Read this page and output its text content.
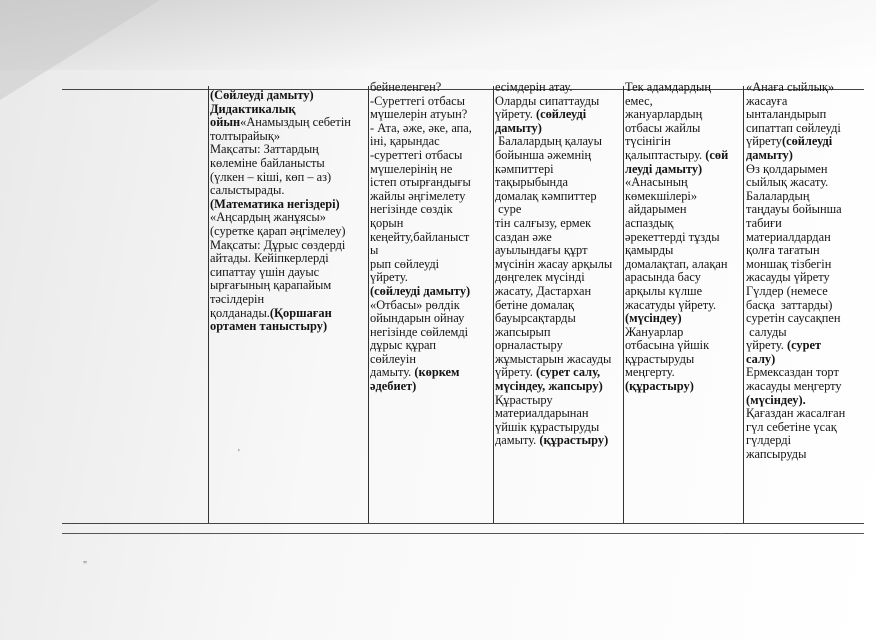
(Сөйлеуді дамыту)
Дидактикалық
ойын«Анамыздың себетін
толтырайық»
Мақсаты: Заттардың
көлеміне байланысты
(үлкен – кіші, көп – аз)
салыстырады.
(Математика негіздері)
«Аңсардың жанұясы»
(суретке қарап әңгімелеу)
Мақсаты: Дұрыс сөздерді
айтады. Кейіпкерлерді
сипаттау үшін дауыс
ырғағының қарапайым
тәсілдерін
қолданады.(Қоршаған
ортамен таныстыру)
бейнеленген?
-Суреттегі отбасы
мүшелерін атуын?
- Ата, әже, әке, апа,
іні, қарындас
-суреттегі отбасы
мүшелерінің не
істеп отырғандығы
жайлы әңгімелету
негізінде сөздік
қорын
кеңейту,байланыст
ы
рып сөйлеуді
үйрету.
(сөйлеуді дамыту)
«Отбасы» рөлдік
ойындарын ойнау
негізінде сөйлемді
дұрыс құрап
сөйлеуін
дамыту. (көркем
әдебиет)
есімдерін атау.
Оларды сипаттауды
үйрету. (сөйлеуді
дамыту)
Балалардың қалауы
бойынша әжемнің
кәмпиттері
тақырыбында
домалақ кәмпиттер
суре
тін салғызу, ермек
саздан әже
ауылындағы құрт
мүсінін жасау арқылы
дөңгелек мүсінді
жасату, Дастархан
бетіне домалақ
бауырсақтарды
жапсырып
орналастыру
жұмыстарын жасауды
үйрету. (сурет салу,
мүсіндеу, жапсыру)
Құрастыру
материалдарынан
үйшік құрастыруды
дамыту. (құрастыру)
Тек адамдардың
емес,
жануарлардың
отбасы жайлы
түсінігін
қалыптастыру. (сөй
леуді дамыту)
«Анасының
көмекшілері»
айдарымен
аспаздық
әрекеттерді тұзды
қамырды
домалақтап, алақан
арасында басу
арқылы күлше
жасатуды үйрету.
(мүсіндеу)
Жануарлар
отбасына үйшік
құрастыруды
меңгерту.
(құрастыру)
«Анаға сыйлық»
жасауға
ынталандырып
сипаттап сөйлеуді
үйрету(сөйлеуді
дамыту)
Өз қолдарымен
сыйлық жасату.
Балалардың
таңдауы бойынша
табиғи
материалдардан
қолға тағатын
моншақ тізбегін
жасауды үйрету
Гүлдер (немесе
басқа  заттарды)
суретін саусақпен
салуды
үйрету. (сурет
салу)
Ермексаздан торт
жасауды меңгерту
(мүсіндеу).
Қағаздан жасалған
гүл себетіне үсақ
гүлдерді
жапсыруды
'
"
-
